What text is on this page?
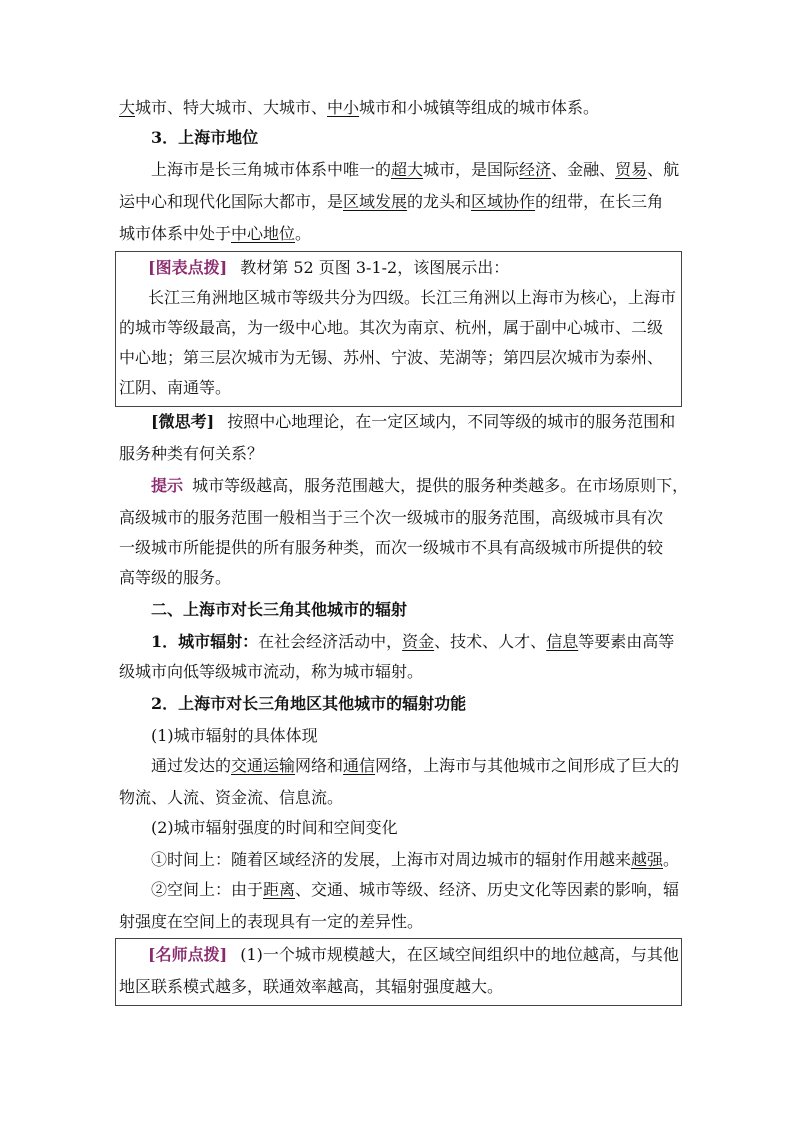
大城市、特大城市、大城市、中小城市和小城镇等组成的城市体系。
3．上海市地位
上海市是长三角城市体系中唯一的超大城市，是国际经济、金融、贸易、航
运中心和现代化国际大都市，是区域发展的龙头和区域协作的纽带，在长三角
城市体系中处于中心地位。
[图表点拨] 教材第 52 页图 3-1-2，该图展示出：
长江三角洲地区城市等级共分为四级。长江三角洲以上海市为核心，上海市
的城市等级最高，为一级中心地。其次为南京、杭州，属于副中心城市、二级
中心地；第三层次城市为无锡、苏州、宁波、芜湖等；第四层次城市为泰州、
江阴、南通等。
[微思考] 按照中心地理论，在一定区域内，不同等级的城市的服务范围和
服务种类有何关系？
提示 城市等级越高，服务范围越大，提供的服务种类越多。在市场原则下，
高级城市的服务范围一般相当于三个次一级城市的服务范围，高级城市具有次
一级城市所能提供的所有服务种类，而次一级城市不具有高级城市所提供的较
高等级的服务。
二、上海市对长三角其他城市的辐射
1．城市辐射：在社会经济活动中，资金、技术、人才、信息等要素由高等
级城市向低等级城市流动，称为城市辐射。
2．上海市对长三角地区其他城市的辐射功能
(1)城市辐射的具体体现
通过发达的交通运输网络和通信网络，上海市与其他城市之间形成了巨大的
物流、人流、资金流、信息流。
(2)城市辐射强度的时间和空间变化
①时间上：随着区域经济的发展，上海市对周边城市的辐射作用越来越强。
②空间上：由于距离、交通、城市等级、经济、历史文化等因素的影响，辐
射强度在空间上的表现具有一定的差异性。
[名师点拨] (1)一个城市规模越大，在区域空间组织中的地位越高，与其他
地区联系模式越多，联通效率越高，其辐射强度越大。
